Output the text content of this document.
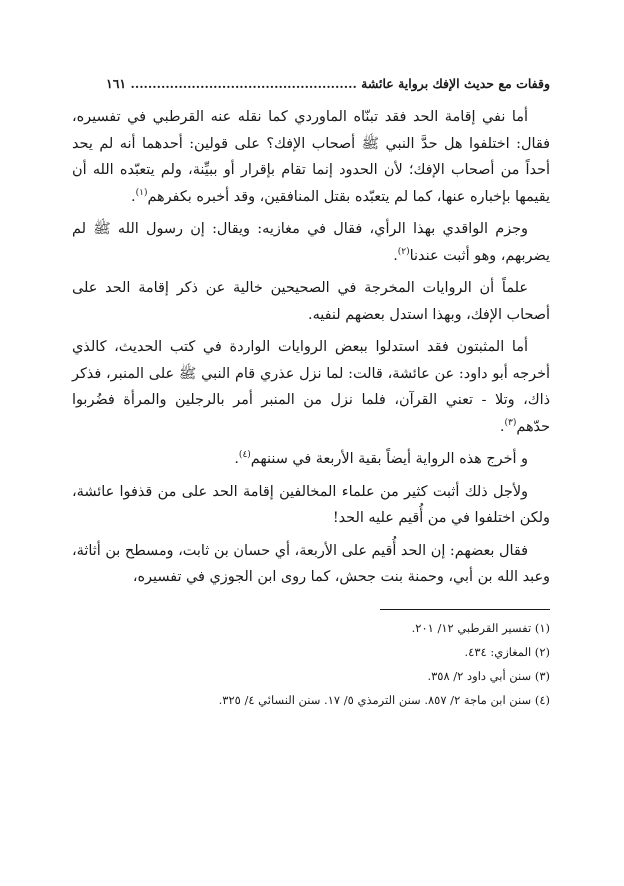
وقفات مع حديث الإفك برواية عائشة .................................................... ١٦١

أما نفي إقامة الحد فقد تبنّاه الماوردي كما نقله عنه القرطبي في تفسيره، فقال: اختلفوا هل حدَّ النبي ﷺ أصحاب الإفك؟ على قولين: أحدهما أنه لم يحد أحداً من أصحاب الإفك؛ لأن الحدود إنما تقام بإقرار أو ببيِّنة، ولم يتعبّده الله أن يقيمها بإخباره عنها، كما لم يتعبّده بقتل المنافقين، وقد أخبره بكفرهم$^{(١)}$.

وجزم الواقدي بهذا الرأي، فقال في مغازيه: ويقال: إن رسول الله ﷺ لم يضربهم، وهو أثبت عندنا$^{(٢)}$.

علماً أن الروايات المخرجة في الصحيحين خالية عن ذكر إقامة الحد على أصحاب الإفك، وبهذا استدل بعضهم لنفيه.

أما المثبتون فقد استدلوا ببعض الروايات الواردة في كتب الحديث، كالذي أخرجه أبو داود: عن عائشة، قالت: لما نزل عذري قام النبي ﷺ على المنبر، فذكر ذاك، وتلا - تعني القرآن، فلما نزل من المنبر أمر بالرجلين والمرأة فضُربوا حدّهم$^{(٣)}$.

و أخرج هذه الرواية أيضاً بقية الأربعة في سننهم$^{(٤)}$.

ولأجل ذلك أثبت كثير من علماء المخالفين إقامة الحد على من قذفوا عائشة، ولكن اختلفوا في من أُقيم عليه الحد!

فقال بعضهم: إن الحد أُقيم على الأربعة، أي حسان بن ثابت، ومسطح بن أثاثة، وعبد الله بن أبي، وحمنة بنت جحش، كما روى ابن الجوزي في تفسيره،

(١) تفسير القرطبي ١٢/ ٢٠١.
(٢) المغازي: ٤٣٤.
(٣) سنن أبي داود ٢/ ٣٥٨.
(٤) سنن ابن ماجة ٢/ ٨٥٧. سنن الترمذي ٥/ ١٧. سنن النسائي ٤/ ٣٢٥.
